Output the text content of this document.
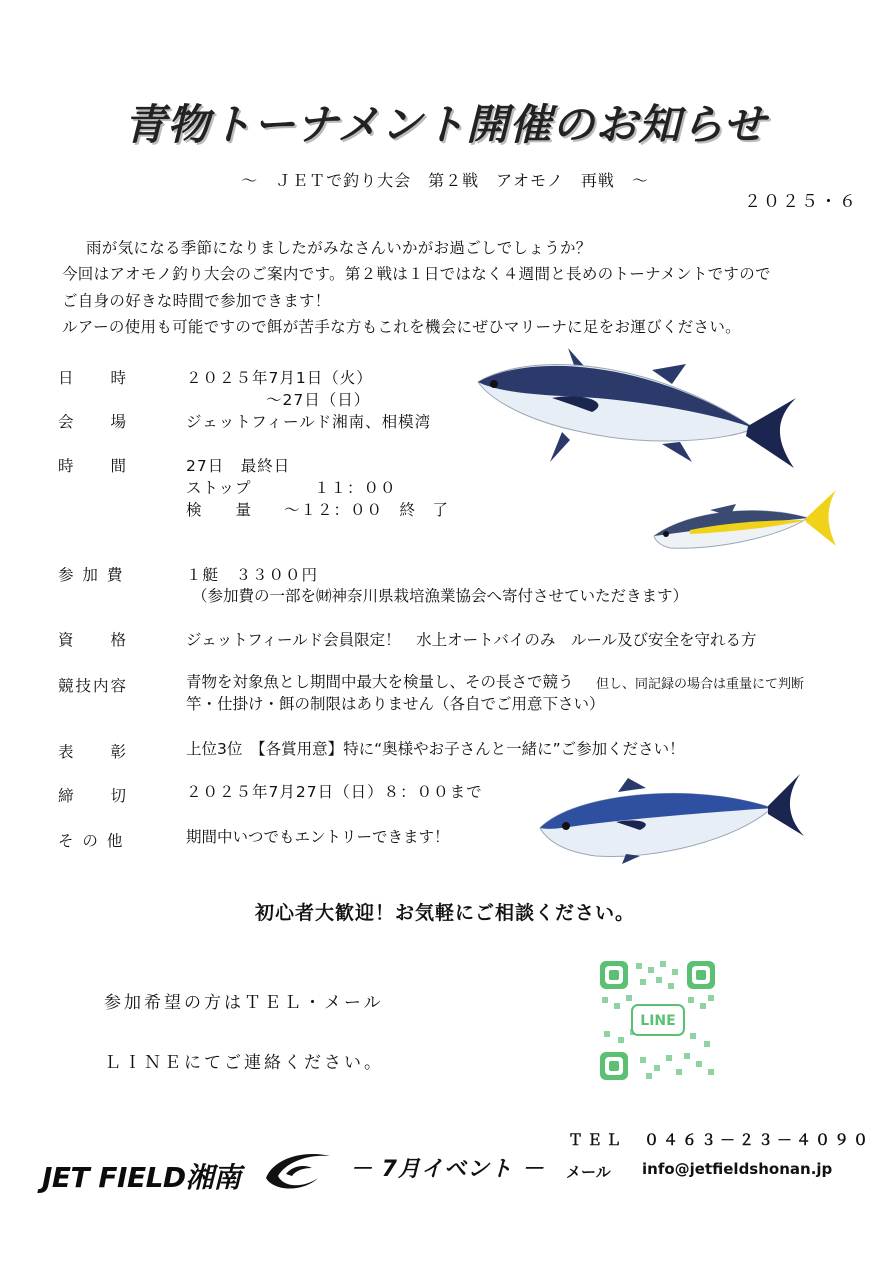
青物トーナメント開催のお知らせ
～　ＪＥＴで釣り大会　第２戦　アオモノ　再戦　～
２０２５・６
雨が気になる季節になりましたがみなさんいかがお過ごしでしょうか？
今回はアオモノ釣り大会のご案内です。第２戦は１日ではなく４週間と長めのトーナメントですので
ご自身の好きな時間で参加できます！
ルアーの使用も可能ですので餌が苦手な方もこれを機会にぜひマリーナに足をお運びください。
日　　時	２０２５年7月1日（火）
～27日（日）
会　　場	ジェットフィールド湘南、相模湾
時　　間	27日　最終日
ストップ	１１：００
検　　量 ～１２：００　終　了
参 加 費	１艇　３３００円
（参加費の一部を㈶神奈川県栽培漁業協会へ寄付させていただきます）
資　　格	ジェットフィールド会員限定！　水上オートバイのみ　ルール及び安全を守れる方
競技内容	青物を対象魚とし期間中最大を検量し、その長さで競う 但し、同記録の場合は重量にて判断
竿・仕掛け・餌の制限はありません（各自でご用意下さい）
表　　彰	上位3位　【各賞用意】特に“奥様やお子さんと一緒に”ご参加ください！
締　　切	２０２５年7月27日（日）８：００まで
そ の 他	期間中いつでもエントリーできます！
初心者大歓迎！お気軽にご相談ください。
参加希望の方はＴＥＬ・メール
ＬＩＮＥにてご連絡ください。
LINE
ＴＥＬ　０４６３－２３－４０９０
メール info@jetfieldshonan.jp
JET FIELD湘南	－ 7月イベント －
